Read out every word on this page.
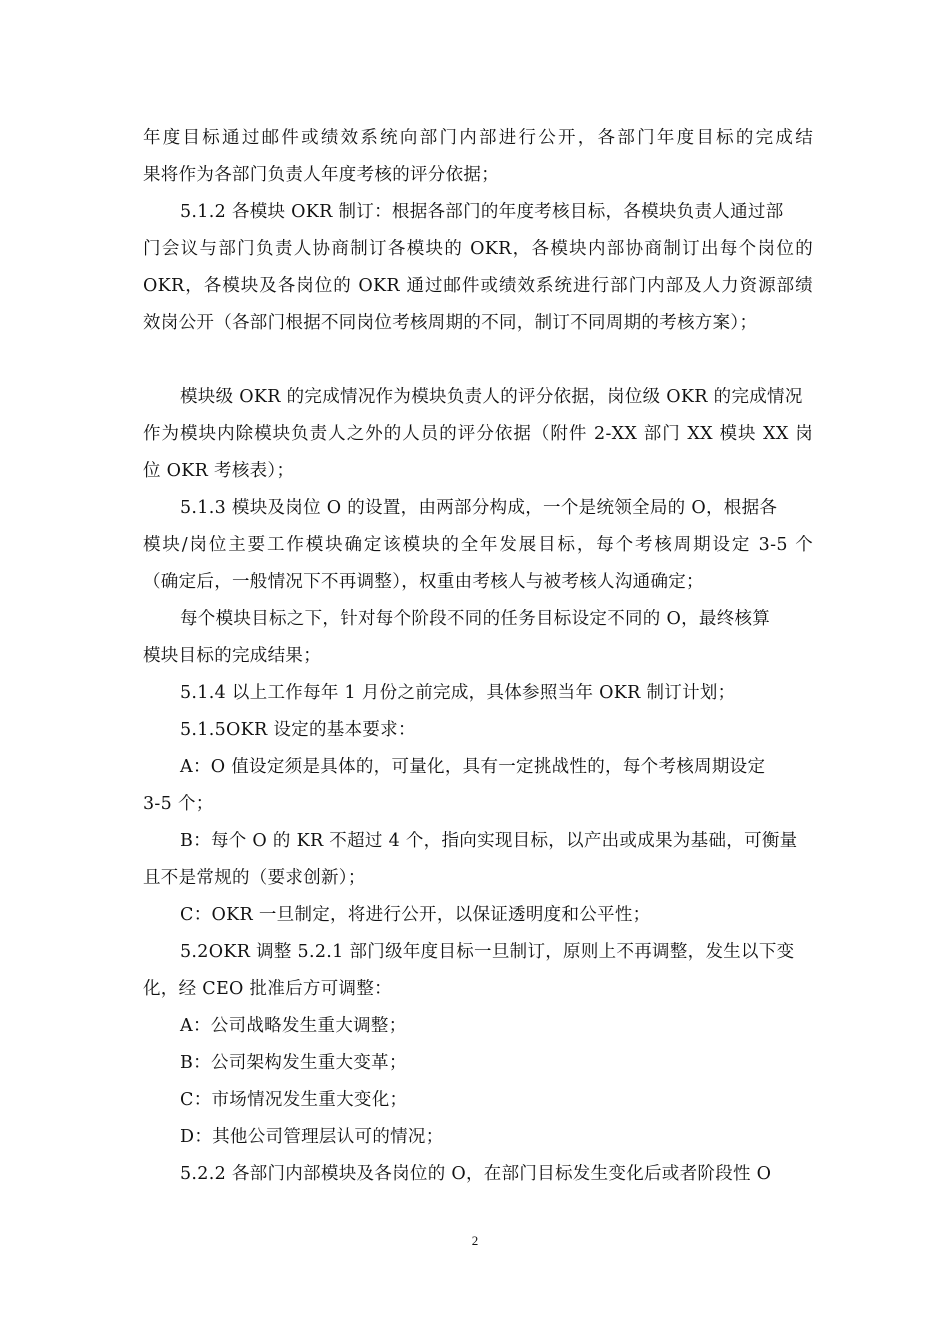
年度目标通过邮件或绩效系统向部门内部进行公开，各部门年度目标的完成结
果将作为各部门负责人年度考核的评分依据；
5.1.2 各模块 OKR 制订：根据各部门的年度考核目标，各模块负责人通过部
门会议与部门负责人协商制订各模块的 OKR，各模块内部协商制订出每个岗位的
OKR，各模块及各岗位的 OKR 通过邮件或绩效系统进行部门内部及人力资源部绩
效岗公开（各部门根据不同岗位考核周期的不同，制订不同周期的考核方案）；
模块级 OKR 的完成情况作为模块负责人的评分依据，岗位级 OKR 的完成情况
作为模块内除模块负责人之外的人员的评分依据（附件 2-XX 部门 XX 模块 XX 岗
位 OKR 考核表）；
5.1.3 模块及岗位 O 的设置，由两部分构成，一个是统领全局的 O，根据各
模块/岗位主要工作模块确定该模块的全年发展目标，每个考核周期设定 3-5 个
（确定后，一般情况下不再调整），权重由考核人与被考核人沟通确定；
每个模块目标之下，针对每个阶段不同的任务目标设定不同的 O，最终核算
模块目标的完成结果；
5.1.4 以上工作每年 1 月份之前完成，具体参照当年 OKR 制订计划；
5.1.5OKR 设定的基本要求：
A：O 值设定须是具体的，可量化，具有一定挑战性的，每个考核周期设定
3-5 个；
B：每个 O 的 KR 不超过 4 个，指向实现目标，以产出或成果为基础，可衡量
且不是常规的（要求创新）；
C：OKR 一旦制定，将进行公开，以保证透明度和公平性；
5.2OKR 调整 5.2.1 部门级年度目标一旦制订，原则上不再调整，发生以下变
化，经 CEO 批准后方可调整：
A：公司战略发生重大调整；
B：公司架构发生重大变革；
C：市场情况发生重大变化；
D：其他公司管理层认可的情况；
5.2.2 各部门内部模块及各岗位的 O，在部门目标发生变化后或者阶段性 O
2
